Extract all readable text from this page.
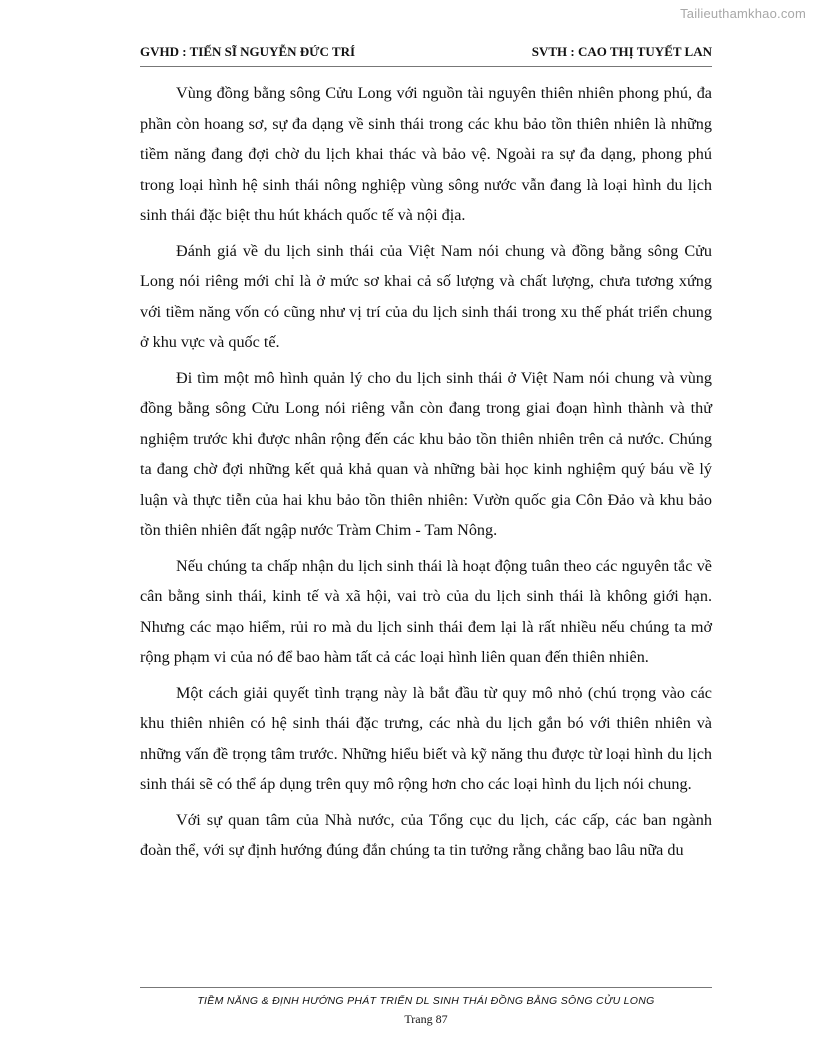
Tailieuthamkhao.com
GVHD : TIẾN SĨ NGUYỄN ĐỨC TRÍ	SVTH : CAO THỊ TUYẾT LAN

Vùng đồng bằng sông Cửu Long với nguồn tài nguyên thiên nhiên phong phú, đa phần còn hoang sơ, sự đa dạng về sinh thái trong các khu bảo tồn thiên nhiên là những tiềm năng đang đợi chờ du lịch khai thác và bảo vệ. Ngoài ra sự đa dạng, phong phú trong loại hình hệ sinh thái nông nghiệp vùng sông nước vẫn đang là loại hình du lịch sinh thái đặc biệt thu hút khách quốc tế và nội địa.

Đánh giá về du lịch sinh thái của Việt Nam nói chung và đồng bằng sông Cửu Long nói riêng mới chỉ là ở mức sơ khai cả số lượng và chất lượng, chưa tương xứng với tiềm năng vốn có cũng như vị trí của du lịch sinh thái trong xu thế phát triển chung ở khu vực và quốc tế.

Đi tìm một mô hình quản lý cho du lịch sinh thái ở Việt Nam nói chung và vùng đồng bằng sông Cửu Long nói riêng vẫn còn đang trong giai đoạn hình thành và thử nghiệm trước khi được nhân rộng đến các khu bảo tồn thiên nhiên trên cả nước. Chúng ta đang chờ đợi những kết quả khả quan và những bài học kinh nghiệm quý báu về lý luận và thực tiễn của hai khu bảo tồn thiên nhiên: Vườn quốc gia Côn Đảo và khu bảo tồn thiên nhiên đất ngập nước Tràm Chim - Tam Nông.

Nếu chúng ta chấp nhận du lịch sinh thái là hoạt động tuân theo các nguyên tắc về cân bằng sinh thái, kinh tế và xã hội, vai trò của du lịch sinh thái là không giới hạn. Nhưng các mạo hiểm, rủi ro mà du lịch sinh thái đem lại là rất nhiều nếu chúng ta mở rộng phạm vi của nó để bao hàm tất cả các loại hình liên quan đến thiên nhiên.

Một cách giải quyết tình trạng này là bắt đầu từ quy mô nhỏ (chú trọng vào các khu thiên nhiên có hệ sinh thái đặc trưng, các nhà du lịch gắn bó với thiên nhiên và những vấn đề trọng tâm trước. Những hiểu biết và kỹ năng thu được từ loại hình du lịch sinh thái sẽ có thể áp dụng trên quy mô rộng hơn cho các loại hình du lịch nói chung.

Với sự quan tâm của Nhà nước, của Tổng cục du lịch, các cấp, các ban ngành đoàn thể, với sự định hướng đúng đắn chúng ta tin tưởng rằng chẳng bao lâu nữa du

TIỀM NĂNG & ĐỊNH HƯỚNG PHÁT TRIỂN DL SINH THÁI ĐỒNG BẰNG SÔNG CỬU LONG
Trang 87
